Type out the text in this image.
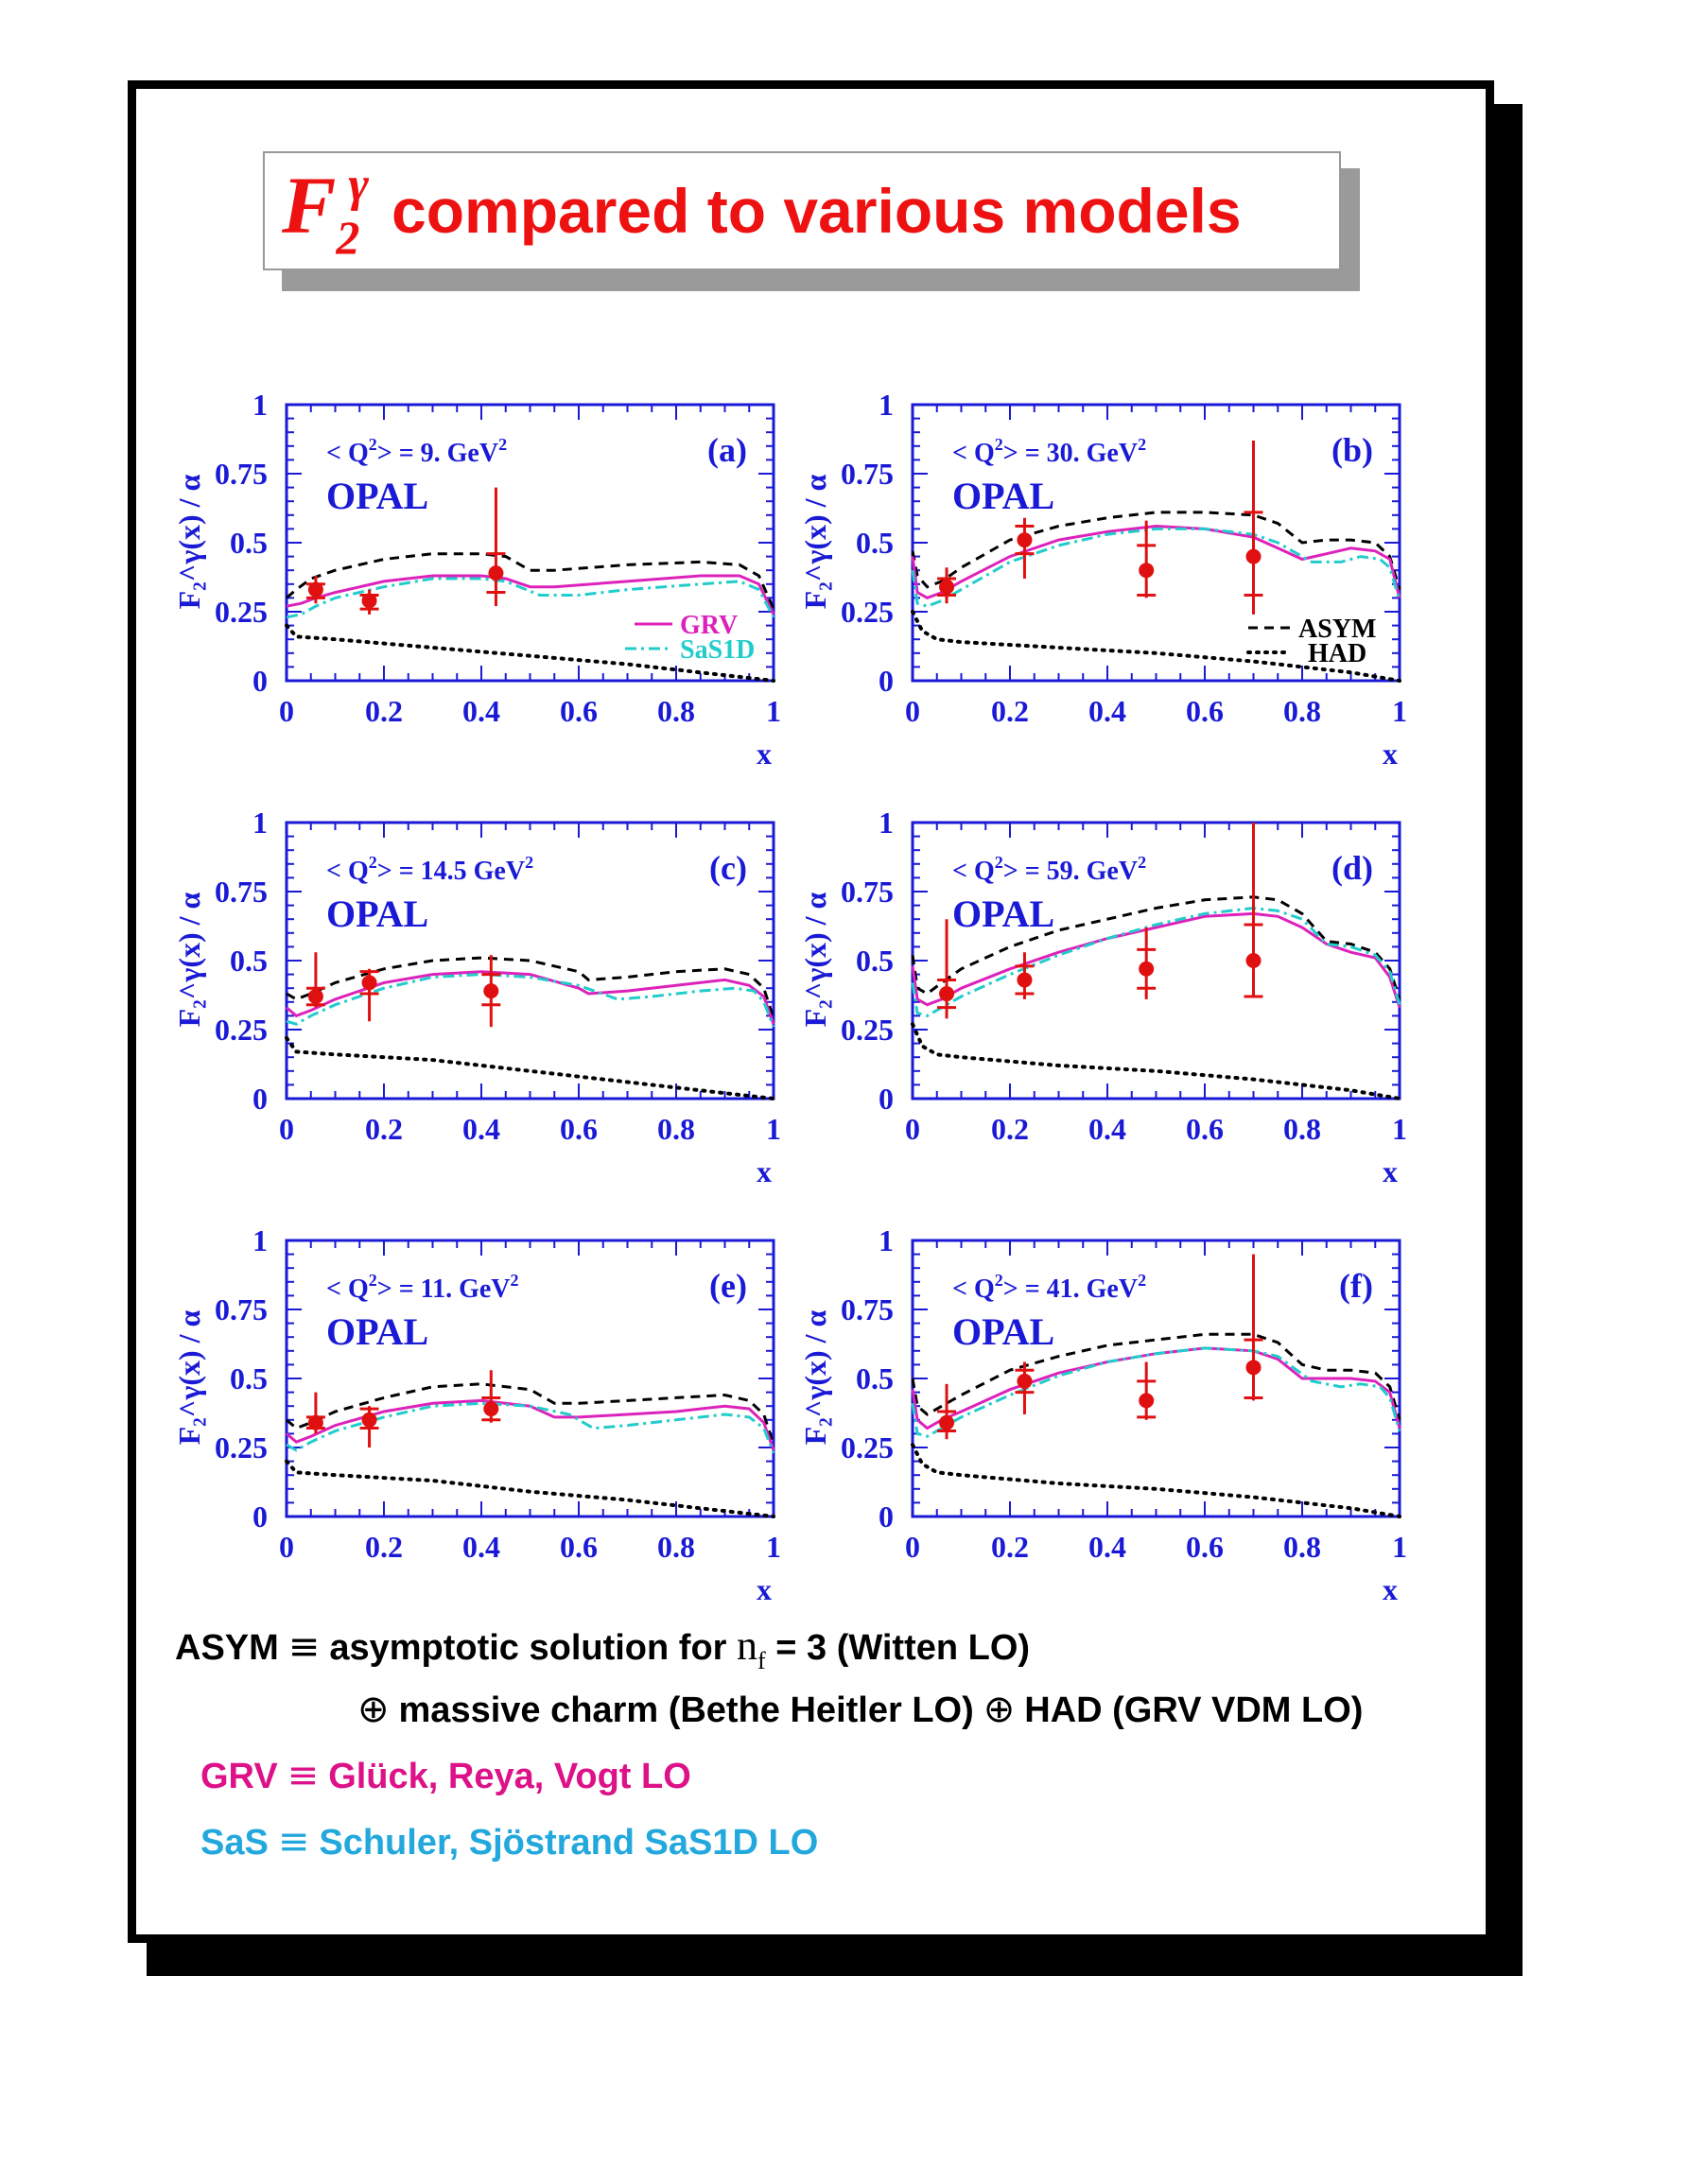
$F_2^\gamma$ compared to various models
0 0.2 0.4 0.6 0.8 1
0
0.25
0.5
0.75
1
x
F₂^γ(x) / α
< $Q^2> = 9$. GeV$^2$	(a)
OPAL
GRV
SaS1D
0 0.2 0.4 0.6 0.8 1
0
0.25
0.5
0.75
1
x
F₂^γ(x) / α
< $Q^2> = 30$. GeV$^2$	(b)
OPAL
ASYM
HAD
0 0.2 0.4 0.6 0.8 1
0
0.25
0.5
0.75
1
x
F₂^γ(x) / α
< $Q^2> = 14.5$ GeV$^2$	(c)
OPAL
0 0.2 0.4 0.6 0.8 1
0
0.25
0.5
0.75
1
x
F₂^γ(x) / α
< $Q^2> = 59$. GeV$^2$	(d)
OPAL
0 0.2 0.4 0.6 0.8 1
0
0.25
0.5
0.75
1
x
F₂^γ(x) / α
< $Q^2> = 11$. GeV$^2$	(e)
OPAL
0 0.2 0.4 0.6 0.8 1
0
0.25
0.5
0.75
1
x
F₂^γ(x) / α
< $Q^2> = 41$. GeV$^2$	(f)
OPAL
ASYM ≡ asymptotic solution for $n_f = 3$ (Witten LO)
⊕ massive charm (Bethe Heitler LO) ⊕ HAD (GRV VDM LO)
GRV ≡ Glück, Reya, Vogt LO
SaS ≡ Schuler, Sjöstrand SaS1D LO
